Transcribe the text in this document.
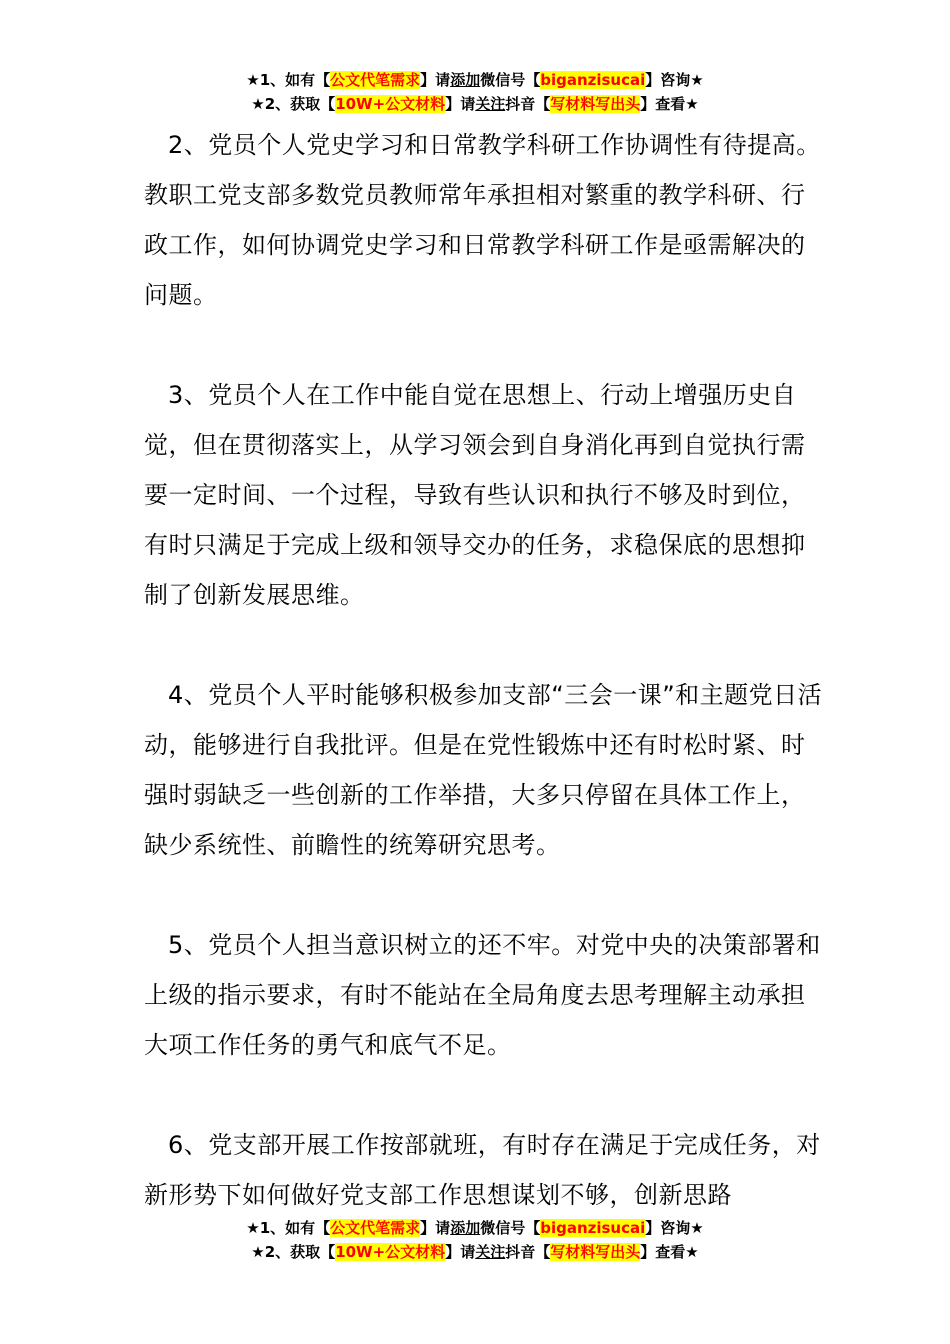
★1、如有【公文代笔需求】请添加微信号【biganzisucai】咨询★
★2、获取【10W+公文材料】请关注抖音【写材料写出头】查看★

2、党员个人党史学习和日常教学科研工作协调性有待提高。教职工党支部多数党员教师常年承担相对繁重的教学科研、行政工作，如何协调党史学习和日常教学科研工作是亟需解决的问题。

3、党员个人在工作中能自觉在思想上、行动上增强历史自觉，但在贯彻落实上，从学习领会到自身消化再到自觉执行需要一定时间、一个过程，导致有些认识和执行不够及时到位，有时只满足于完成上级和领导交办的任务，求稳保底的思想抑制了创新发展思维。

4、党员个人平时能够积极参加支部“三会一课”和主题党日活动，能够进行自我批评。但是在党性锻炼中还有时松时紧、时强时弱缺乏一些创新的工作举措，大多只停留在具体工作上，缺少系统性、前瞻性的统筹研究思考。

5、党员个人担当意识树立的还不牢。对党中央的决策部署和上级的指示要求，有时不能站在全局角度去思考理解主动承担大项工作任务的勇气和底气不足。

6、党支部开展工作按部就班，有时存在满足于完成任务，对新形势下如何做好党支部工作思想谋划不够，创新思路

★1、如有【公文代笔需求】请添加微信号【biganzisucai】咨询★
★2、获取【10W+公文材料】请关注抖音【写材料写出头】查看★
